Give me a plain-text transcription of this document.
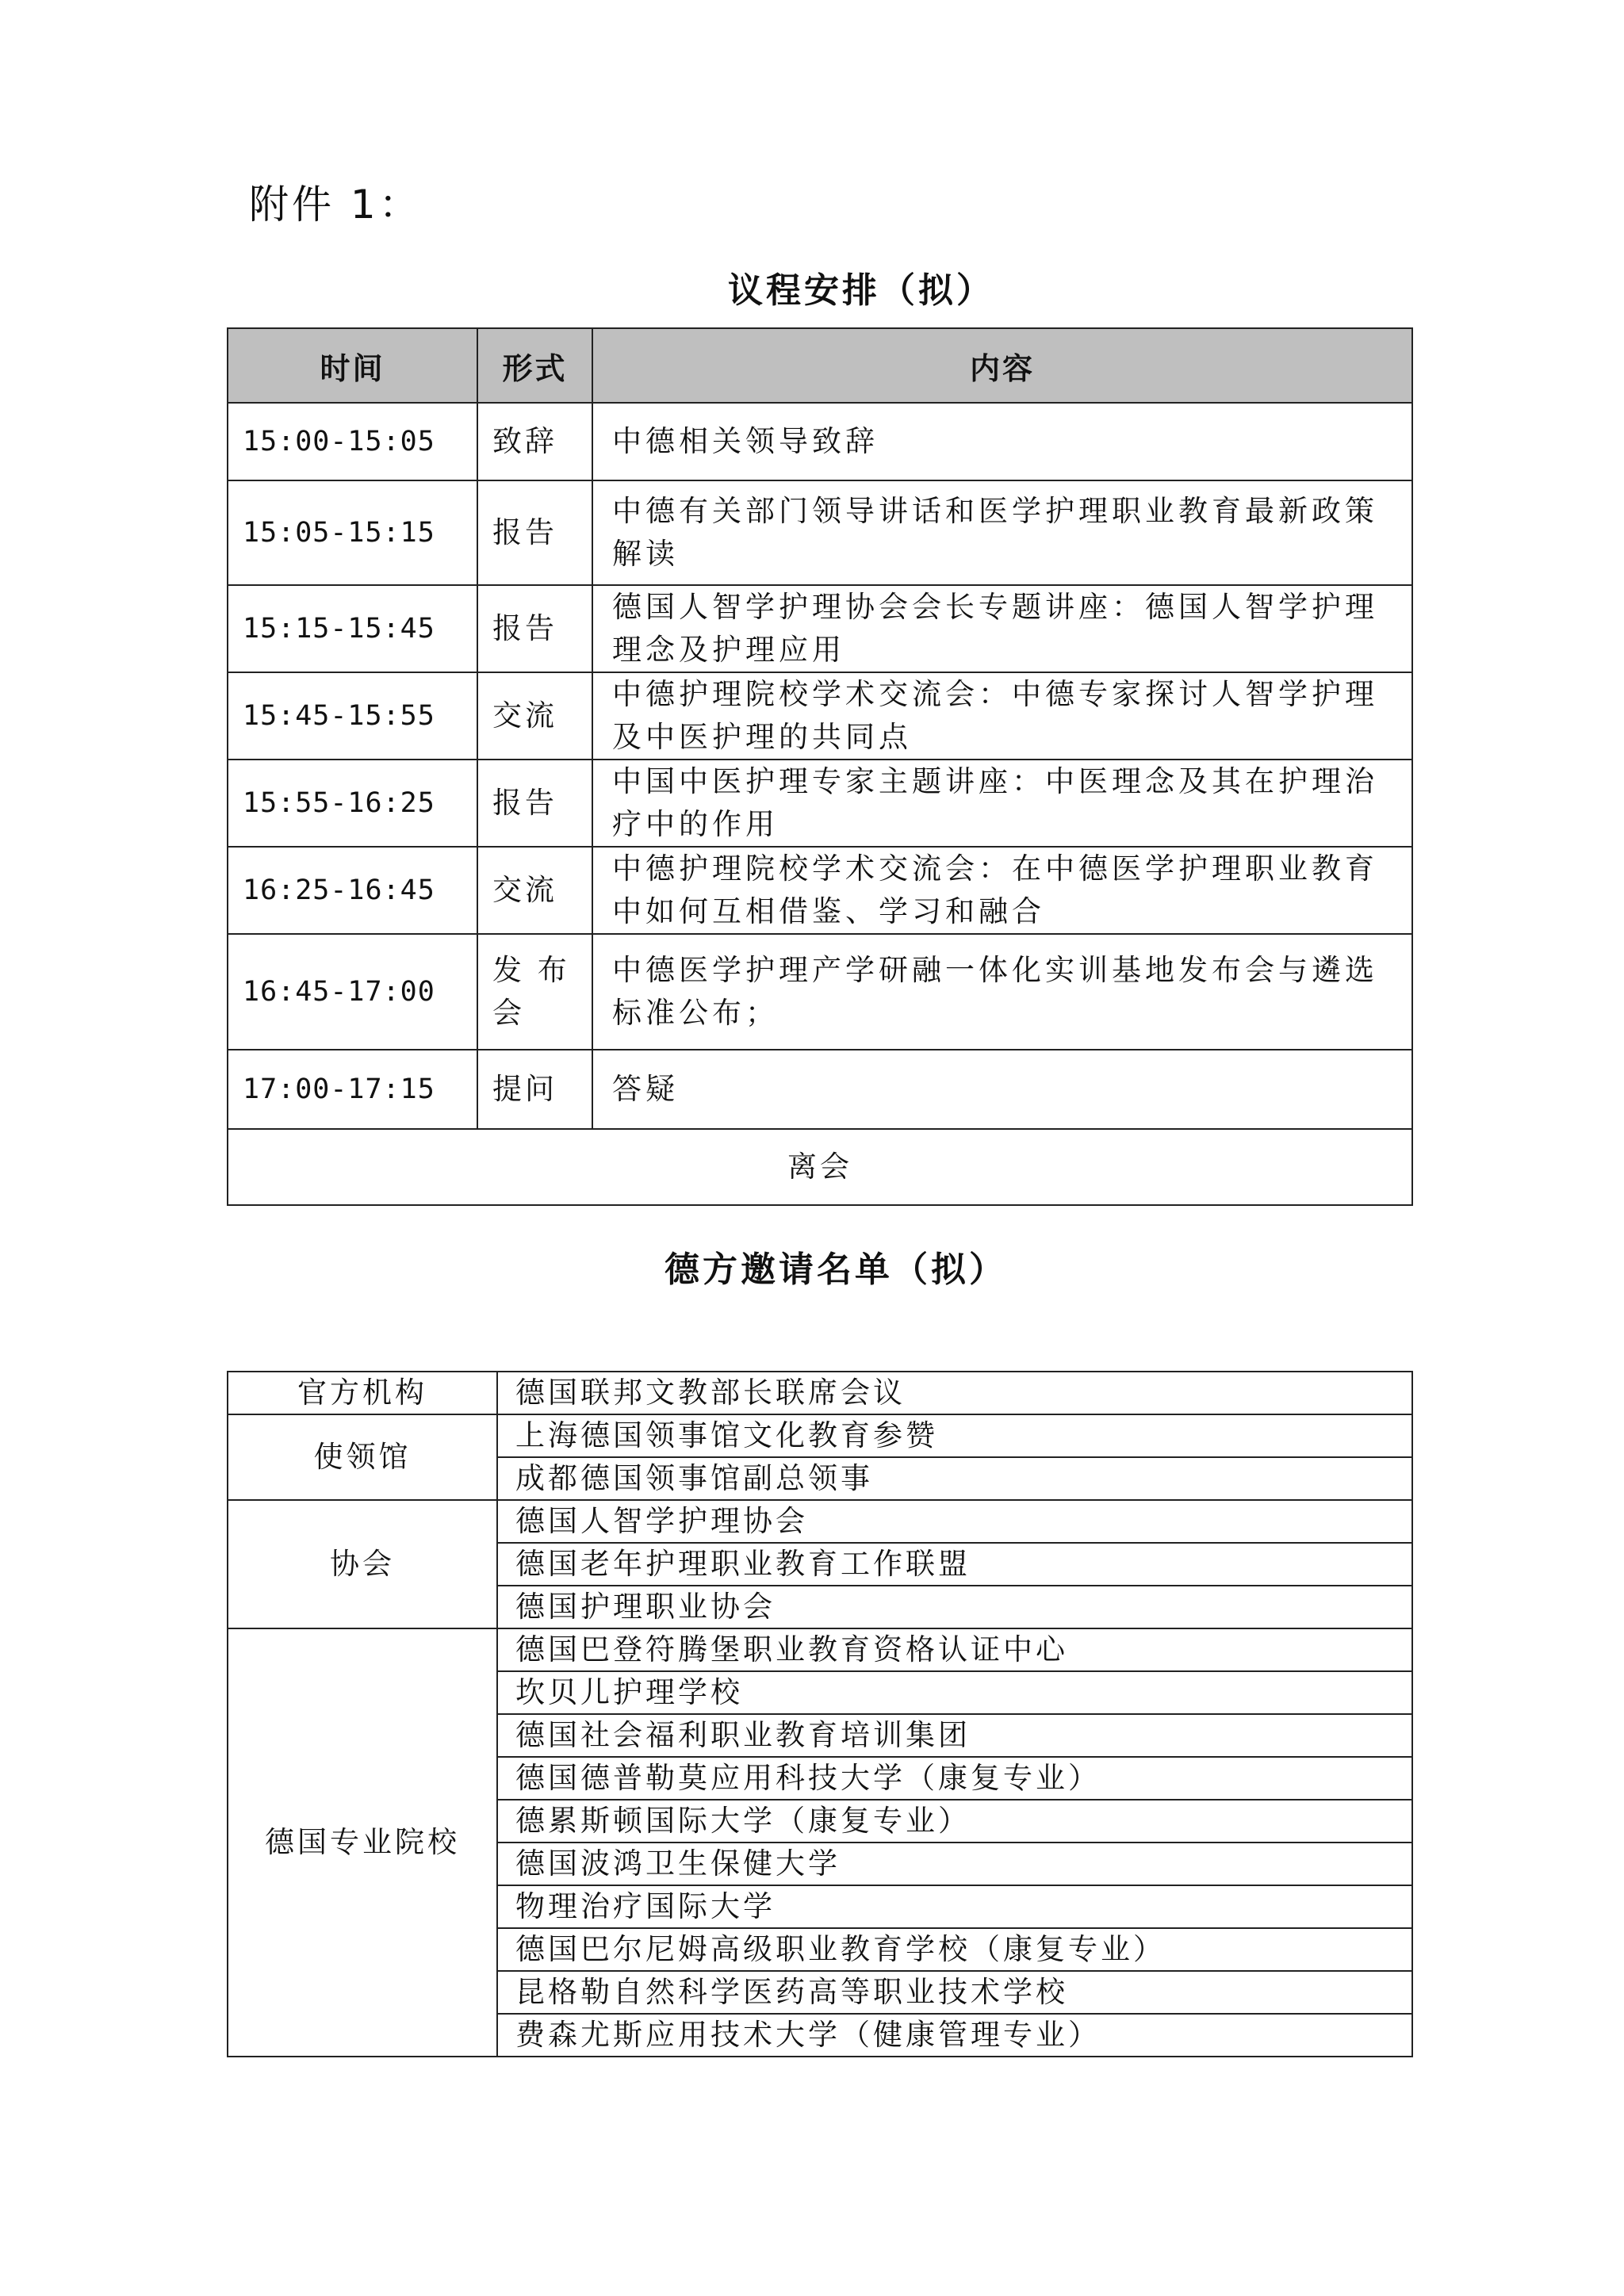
附件 1：
议程安排（拟）
时间	形式	内容
15:00-15:05	致辞	中德相关领导致辞
15:05-15:15	报告	中德有关部门领导讲话和医学护理职业教育最新政策解读
15:15-15:45	报告	德国人智学护理协会会长专题讲座：德国人智学护理理念及护理应用
15:45-15:55	交流	中德护理院校学术交流会：中德专家探讨人智学护理及中医护理的共同点
15:55-16:25	报告	中国中医护理专家主题讲座：中医理念及其在护理治疗中的作用
16:25-16:45	交流	中德护理院校学术交流会：在中德医学护理职业教育中如何互相借鉴、学习和融合
16:45-17:00	发 布会	中德医学护理产学研融一体化实训基地发布会与遴选标准公布；
17:00-17:15	提问	答疑
离会		
德方邀请名单（拟）
官方机构	德国联邦文教部长联席会议
使领馆	上海德国领事馆文化教育参赞
	成都德国领事馆副总领事
协会	德国人智学护理协会
	德国老年护理职业教育工作联盟
	德国护理职业协会
德国专业院校	德国巴登符腾堡职业教育资格认证中心
	坎贝儿护理学校
	德国社会福利职业教育培训集团
	德国德普勒莫应用科技大学（康复专业）
	德累斯顿国际大学（康复专业）
	德国波鸿卫生保健大学
	物理治疗国际大学
	德国巴尔尼姆高级职业教育学校（康复专业）
	昆格勒自然科学医药高等职业技术学校
	费森尤斯应用技术大学（健康管理专业）
